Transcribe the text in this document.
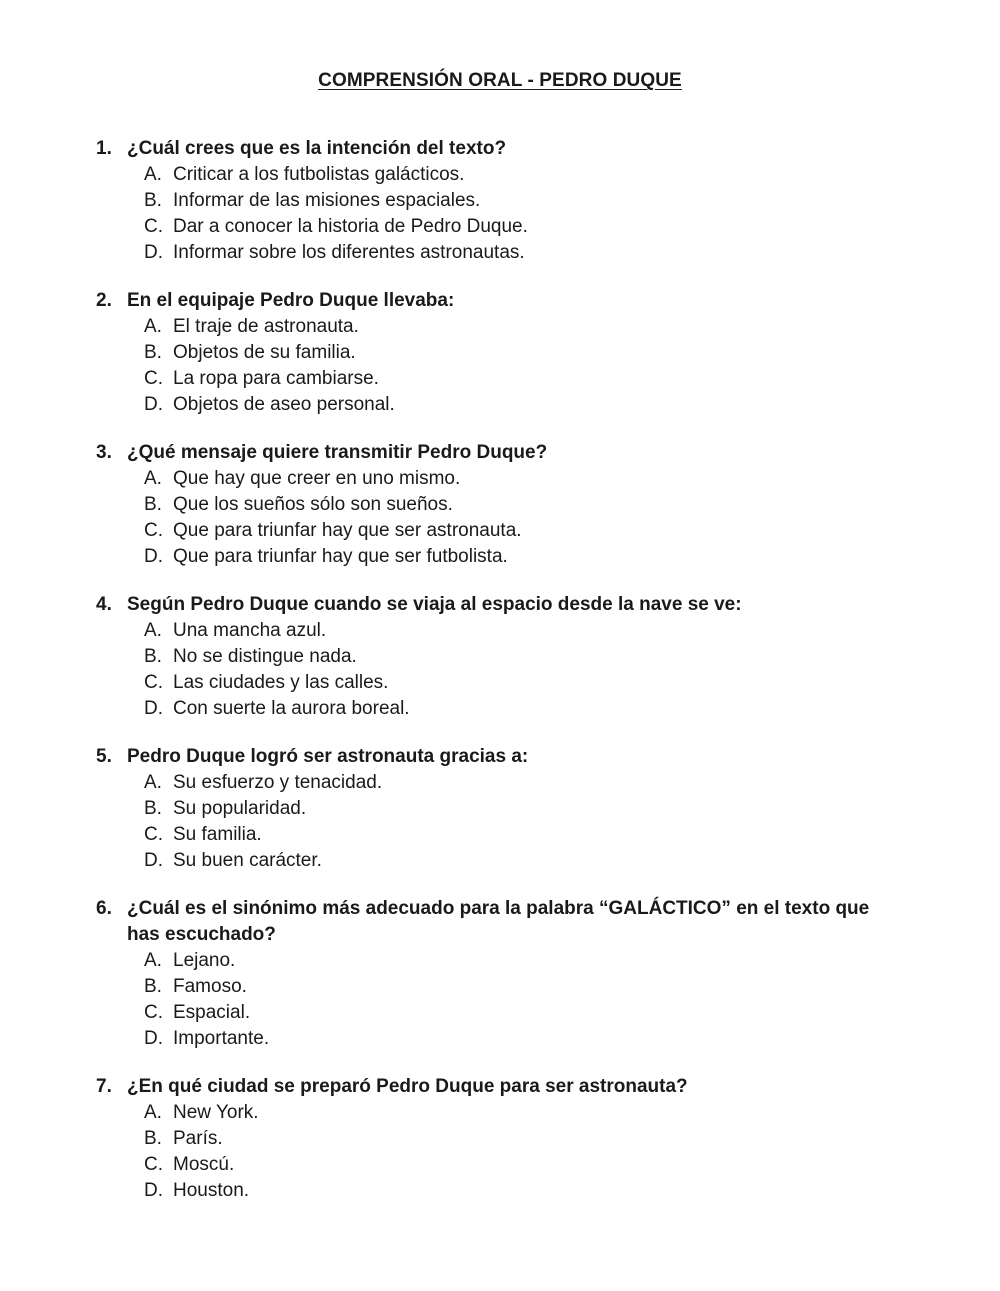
COMPRENSIÓN ORAL - PEDRO DUQUE
1. ¿Cuál crees que es la intención del texto?
A. Criticar a los futbolistas galácticos.
B. Informar de las misiones espaciales.
C. Dar a conocer la historia de Pedro Duque.
D. Informar sobre los diferentes astronautas.
2. En el equipaje Pedro Duque llevaba:
A. El traje de astronauta.
B. Objetos de su familia.
C. La ropa para cambiarse.
D. Objetos de aseo personal.
3. ¿Qué mensaje quiere transmitir Pedro Duque?
A. Que hay que creer en uno mismo.
B. Que los sueños sólo son sueños.
C. Que para triunfar hay que ser astronauta.
D. Que para triunfar hay que ser futbolista.
4. Según Pedro Duque cuando se viaja al espacio desde la nave se ve:
A. Una mancha azul.
B. No se distingue nada.
C. Las ciudades y las calles.
D. Con suerte la aurora boreal.
5. Pedro Duque logró ser astronauta gracias a:
A. Su esfuerzo y tenacidad.
B. Su popularidad.
C. Su familia.
D. Su buen carácter.
6. ¿Cuál es el sinónimo más adecuado para la palabra “GALÁCTICO” en el texto que has escuchado?
A. Lejano.
B. Famoso.
C. Espacial.
D. Importante.
7. ¿En qué ciudad se preparó Pedro Duque para ser astronauta?
A. New York.
B. París.
C. Moscú.
D. Houston.
